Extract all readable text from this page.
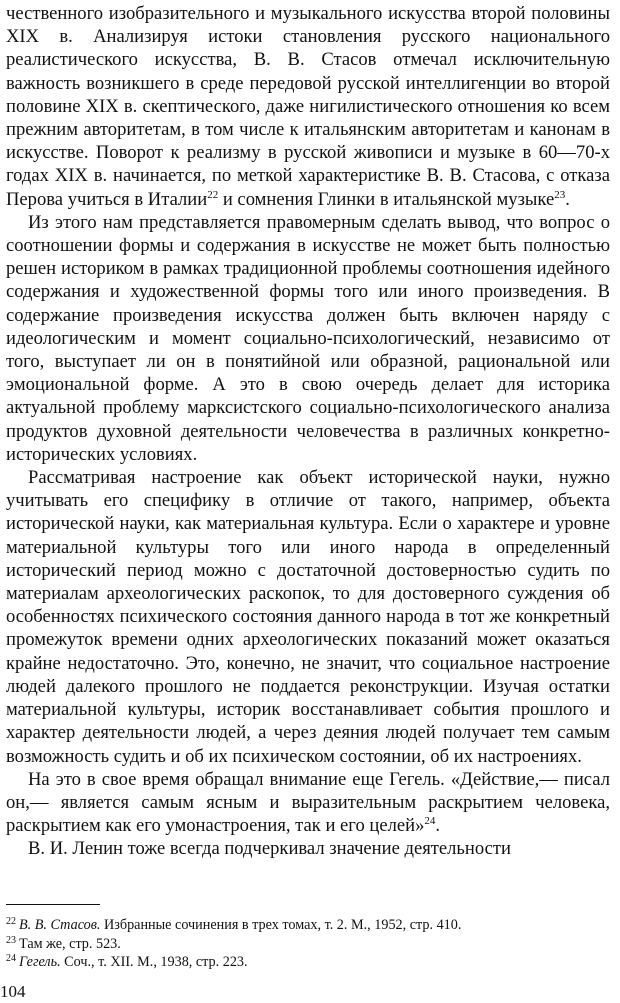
чественного изобразительного и музыкального искусства второй половины XIX в. Анализируя истоки становления русского национального реалистического искусства, В. В. Стасов отмечал исключительную важность возникшего в среде передовой русской интеллигенции во второй половине XIX в. скептического, даже нигилистического отношения ко всем прежним авторитетам, в том числе к итальянским авторитетам и канонам в искусстве. Поворот к реализму в русской живописи и музыке в 60—70-х годах XIX в. начинается, по меткой характеристике В. В. Стасова, с отказа Перова учиться в Италии$^{22}$ и сомнения Глинки в итальянской музыке$^{23}$.

Из этого нам представляется правомерным сделать вывод, что вопрос о соотношении формы и содержания в искусстве не может быть полностью решен историком в рамках традиционной проблемы соотношения идейного содержания и художественной формы того или иного произведения. В содержание произведения искусства должен быть включен наряду с идеологическим и момент социально-психологический, независимо от того, выступает ли он в понятийной или образной, рациональной или эмоциональной форме. А это в свою очередь делает для историка актуальной проблему марксистского социально-психологического анализа продуктов духовной деятельности человечества в различных конкретно-исторических условиях.

Рассматривая настроение как объект исторической науки, нужно учитывать его специфику в отличие от такого, например, объекта исторической науки, как материальная культура. Если о характере и уровне материальной культуры того или иного народа в определенный исторический период можно с достаточной достоверностью судить по материалам археологических раскопок, то для достоверного суждения об особенностях психического состояния данного народа в тот же конкретный промежуток времени одних археологических показаний может оказаться крайне недостаточно. Это, конечно, не значит, что социальное настроение людей далекого прошлого не поддается реконструкции. Изучая остатки материальной культуры, историк восстанавливает события прошлого и характер деятельности людей, а через деяния людей получает тем самым возможность судить и об их психическом состоянии, об их настроениях.

На это в свое время обращал внимание еще Гегель. «Действие,— писал он,— является самым ясным и выразительным раскрытием человека, раскрытием как его умонастроения, так и его целей»$^{24}$.

В. И. Ленин тоже всегда подчеркивал значение деятельности

$^{22}$ В. В. Стасов. Избранные сочинения в трех томах, т. 2. М., 1952, стр. 410.
$^{23}$ Там же, стр. 523.
$^{24}$ Гегель. Соч., т. XII. М., 1938, стр. 223.
104
